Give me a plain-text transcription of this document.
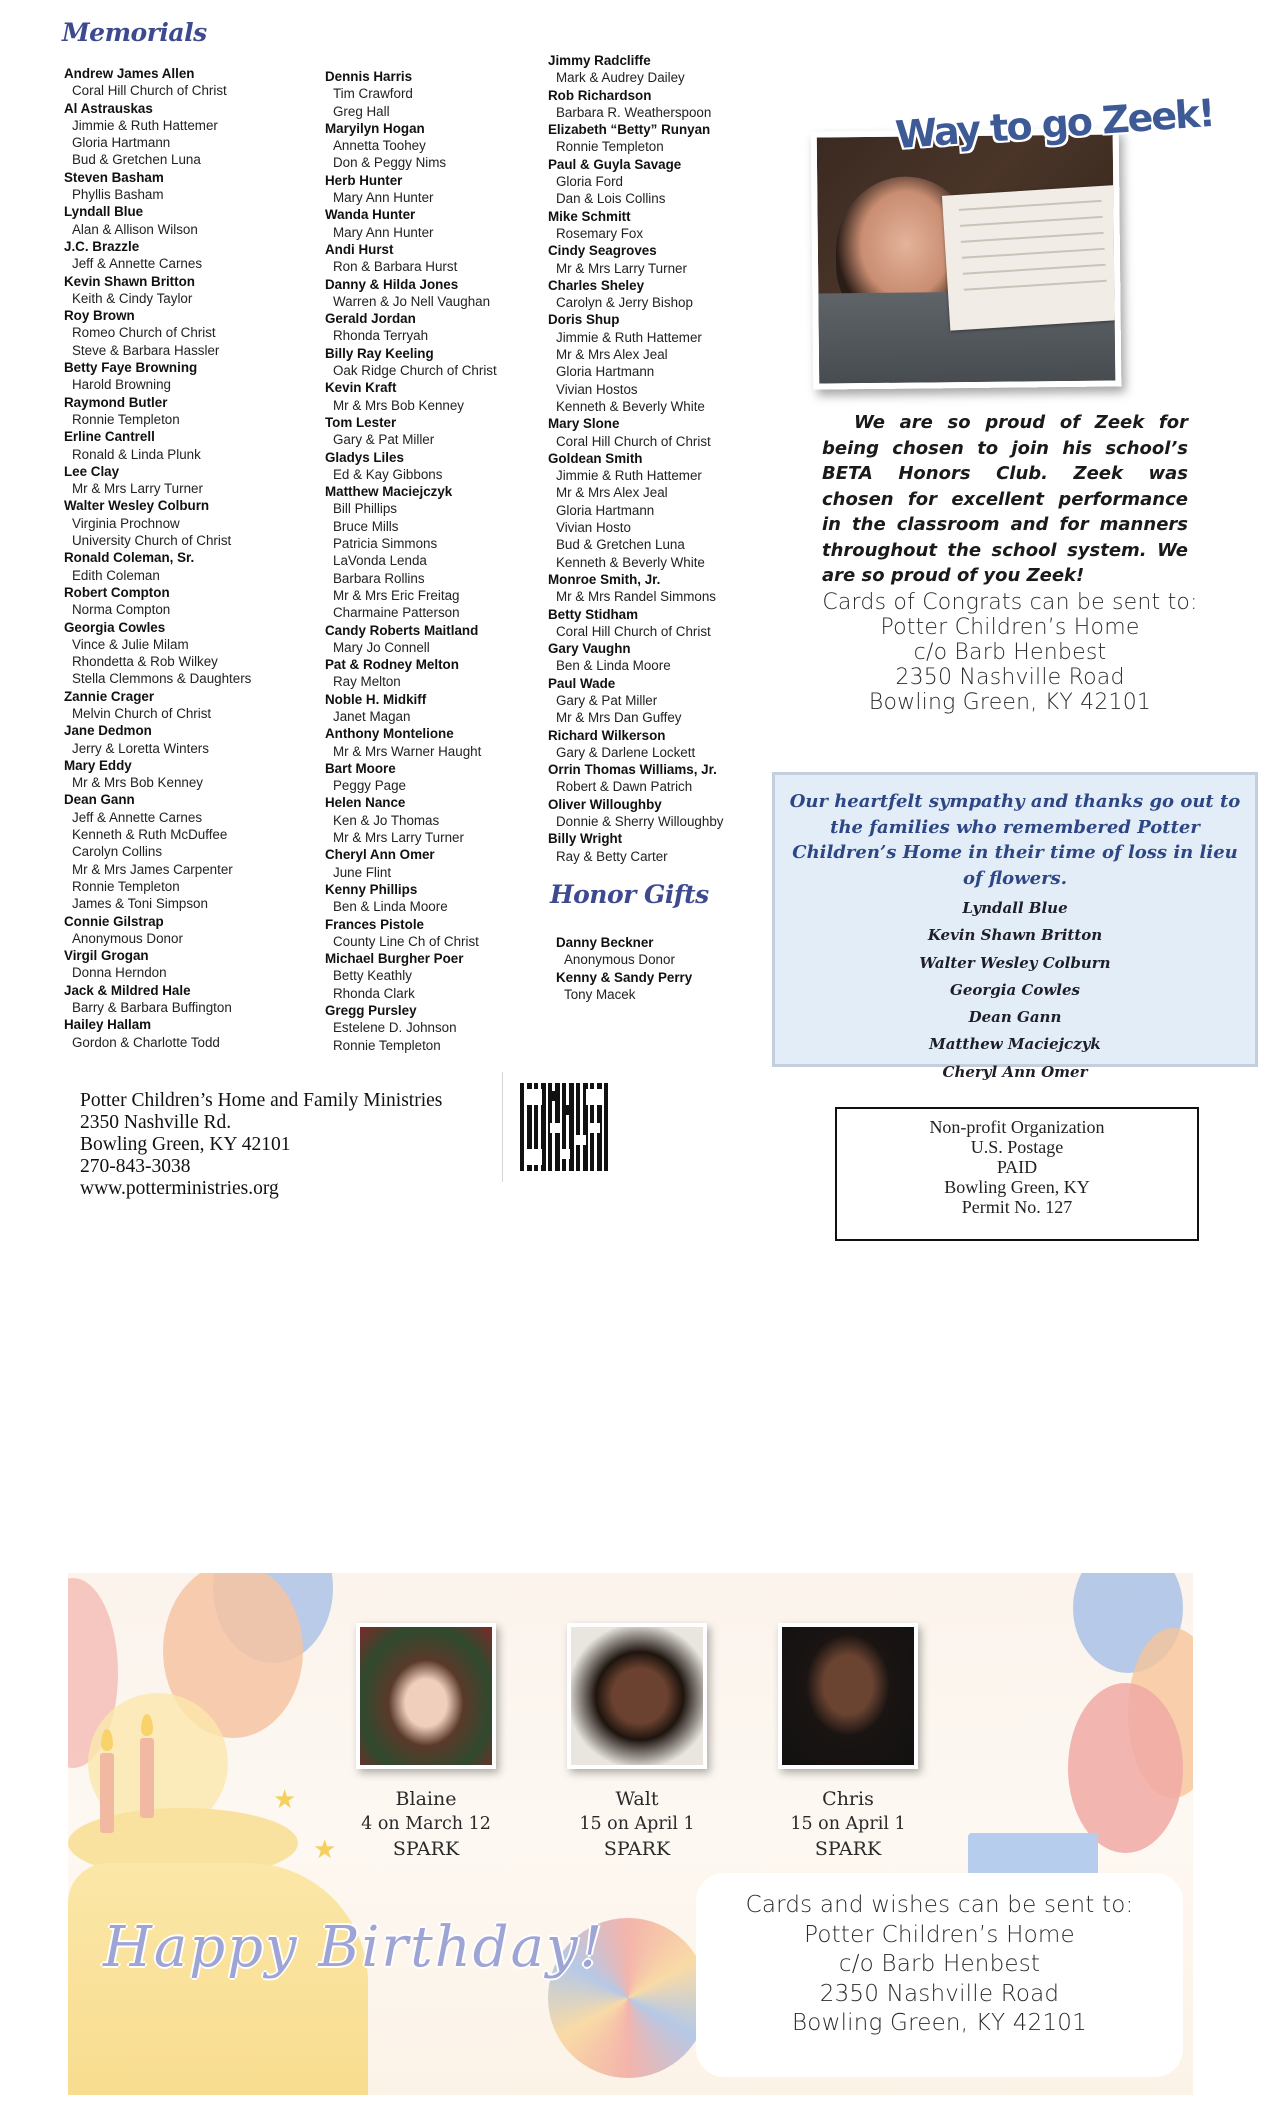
Memorials
Andrew James Allen
Coral Hill Church of Christ
Al Astrauskas
Jimmie & Ruth Hattemer
Gloria Hartmann
Bud & Gretchen Luna
Steven Basham
Phyllis Basham
Lyndall Blue
Alan & Allison Wilson
J.C. Brazzle
Jeff & Annette Carnes
Kevin Shawn Britton
Keith & Cindy Taylor
Roy Brown
Romeo Church of Christ
Steve & Barbara Hassler
Betty Faye Browning
Harold Browning
Raymond Butler
Ronnie Templeton
Erline Cantrell
Ronald & Linda Plunk
Lee Clay
Mr & Mrs Larry Turner
Walter Wesley Colburn
Virginia Prochnow
University Church of Christ
Ronald Coleman, Sr.
Edith Coleman
Robert Compton
Norma Compton
Georgia Cowles
Vince & Julie Milam
Rhondetta & Rob Wilkey
Stella Clemmons & Daughters
Zannie Crager
Melvin Church of Christ
Jane Dedmon
Jerry & Loretta Winters
Mary Eddy
Mr & Mrs Bob Kenney
Dean Gann
Jeff & Annette Carnes
Kenneth & Ruth McDuffee
Carolyn Collins
Mr & Mrs James Carpenter
Ronnie Templeton
James & Toni Simpson
Connie Gilstrap
Anonymous Donor
Virgil Grogan
Donna Herndon
Jack & Mildred Hale
Barry & Barbara Buffington
Hailey Hallam
Gordon & Charlotte Todd
Dennis Harris
Tim Crawford
Greg Hall
Maryilyn Hogan
Annetta Toohey
Don & Peggy Nims
Herb Hunter
Mary Ann Hunter
Wanda Hunter
Mary Ann Hunter
Andi Hurst
Ron & Barbara Hurst
Danny & Hilda Jones
Warren & Jo Nell Vaughan
Gerald Jordan
Rhonda Terryah
Billy Ray Keeling
Oak Ridge Church of Christ
Kevin Kraft
Mr & Mrs Bob Kenney
Tom Lester
Gary & Pat Miller
Gladys Liles
Ed & Kay Gibbons
Matthew Maciejczyk
Bill Phillips
Bruce Mills
Patricia Simmons
LaVonda Lenda
Barbara Rollins
Mr & Mrs Eric Freitag
Charmaine Patterson
Candy Roberts Maitland
Mary Jo Connell
Pat & Rodney Melton
Ray Melton
Noble H. Midkiff
Janet Magan
Anthony Montelione
Mr & Mrs Warner Haught
Bart Moore
Peggy Page
Helen Nance
Ken & Jo Thomas
Mr & Mrs Larry Turner
Cheryl Ann Omer
June Flint
Kenny Phillips
Ben & Linda Moore
Frances Pistole
County Line Ch of Christ
Michael Burgher Poer
Betty Keathly
Rhonda Clark
Gregg Pursley
Estelene D. Johnson
Ronnie Templeton
Jimmy Radcliffe
Mark & Audrey Dailey
Rob Richardson
Barbara R. Weatherspoon
Elizabeth “Betty” Runyan
Ronnie Templeton
Paul & Guyla Savage
Gloria Ford
Dan & Lois Collins
Mike Schmitt
Rosemary Fox
Cindy Seagroves
Mr & Mrs Larry Turner
Charles Sheley
Carolyn & Jerry Bishop
Doris Shup
Jimmie & Ruth Hattemer
Mr & Mrs Alex Jeal
Gloria Hartmann
Vivian Hostos
Kenneth & Beverly White
Mary Slone
Coral Hill Church of Christ
Goldean Smith
Jimmie & Ruth Hattemer
Mr & Mrs Alex Jeal
Gloria Hartmann
Vivian Hosto
Bud & Gretchen Luna
Kenneth & Beverly White
Monroe Smith, Jr.
Mr & Mrs Randel Simmons
Betty Stidham
Coral Hill Church of Christ
Gary Vaughn
Ben & Linda Moore
Paul Wade
Gary & Pat Miller
Mr & Mrs Dan Guffey
Richard Wilkerson
Gary & Darlene Lockett
Orrin Thomas Williams, Jr.
Robert & Dawn Patrich
Oliver Willoughby
Donnie & Sherry Willoughby
Billy Wright
Ray & Betty Carter
Honor Gifts
Danny Beckner
Anonymous Donor
Kenny & Sandy Perry
Tony Macek
Way to go Zeek!
We are so proud of Zeek for being chosen to join his school’s BETA Honors Club. Zeek was chosen for excellent performance in the classroom and for manners throughout the school system. We are so proud of you Zeek!
Cards of Congrats can be sent to:
Potter Children’s Home
c/o Barb Henbest
2350 Nashville Road
Bowling Green, KY 42101
Our heartfelt sympathy and thanks go out to the families who remembered Potter Children’s Home in their time of loss in lieu of flowers.
Lyndall Blue
Kevin Shawn Britton
Walter Wesley Colburn
Georgia Cowles
Dean Gann
Matthew Maciejczyk
Cheryl Ann Omer
Potter Children’s Home and Family Ministries
2350 Nashville Rd.
Bowling Green, KY 42101
270-843-3038
www.potterministries.org
Non-profit Organization
U.S. Postage
PAID
Bowling Green, KY
Permit No. 127
★
★
Blaine
4 on March 12
SPARK
Walt
15 on April 1
SPARK
Chris
15 on April 1
SPARK
Happy Birthday!
Cards and wishes can be sent to:
Potter Children’s Home
c/o Barb Henbest
2350 Nashville Road
Bowling Green, KY 42101
